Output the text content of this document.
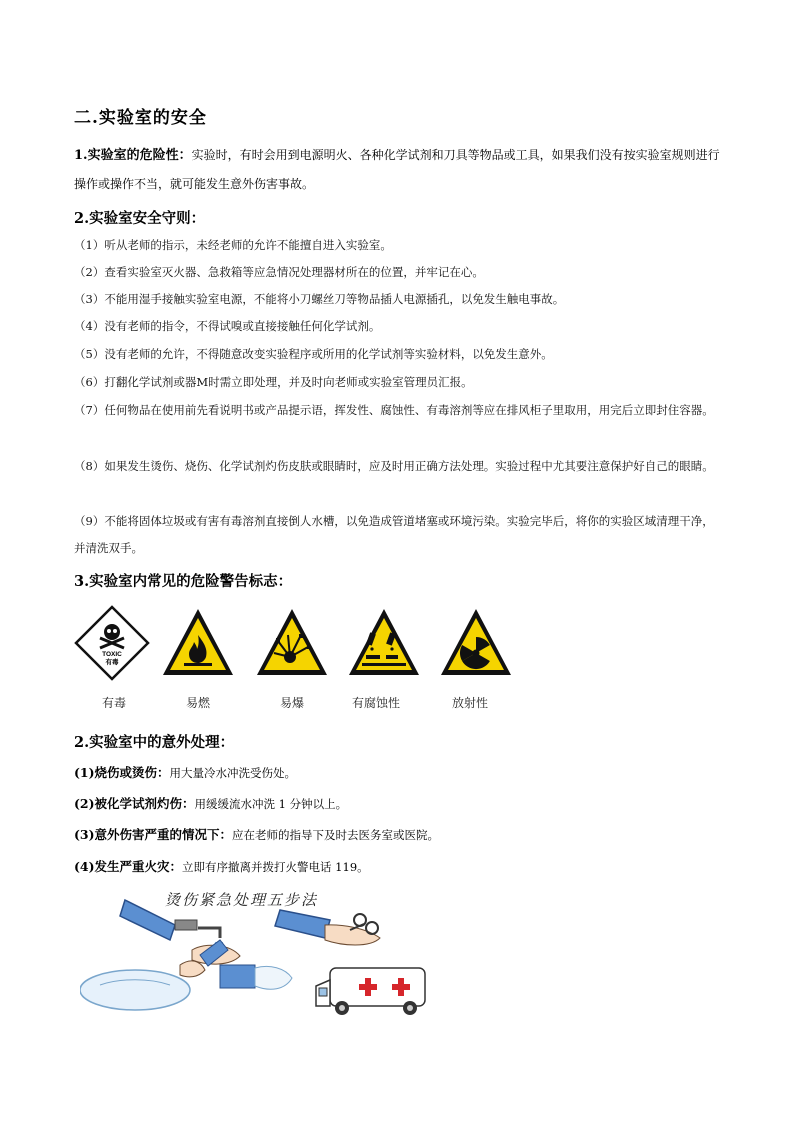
二.实验室的安全
1.实验室的危险性：实验时，有时会用到电源明火、各种化学试剂和刀具等物品或工具，如果我们没有按实验室规则进行操作或操作不当，就可能发生意外伤害事故。
2.实验室安全守则：
（1）听从老师的指示，未经老师的允许不能擅自进入实验室。
（2）查看实验室灭火器、急救箱等应急情况处理器材所在的位置，并牢记在心。
（3）不能用湿手接触实验室电源，不能将小刀螺丝刀等物品插人电源插孔，以免发生触电事故。
（4）没有老师的指令，不得试嗅或直接接触任何化学试剂。
（5）没有老师的允许，不得随意改变实验程序或所用的化学试剂等实验材料，以免发生意外。
（6）打翻化学试剂或器M时需立即处理，并及时向老师或实验室管理员汇报。
（7）任何物品在使用前先看说明书或产品提示语，挥发性、腐蚀性、有毒溶剂等应在排风柜子里取用，用完后立即封住容器。
（8）如果发生烫伤、烧伤、化学试剂灼伤皮肤或眼睛时，应及时用正确方法处理。实验过程中尤其要注意保护好自己的眼睛。
（9）不能将固体垃圾或有害有毒溶剂直接倒人水槽，以免造成管道堵塞或环境污染。实验完毕后，将你的实验区域清理干净，并清洗双手。
3.实验室内常见的危险警告标志：
TOXIC
有毒
有毒	易燃	易爆	有腐蚀性	放射性
2.实验室中的意外处理：
(1)烧伤或烫伤：用大量冷水冲洗受伤处。
(2)被化学试剂灼伤：用缓缓流水冲洗 1 分钟以上。
(3)意外伤害严重的情况下：应在老师的指导下及时去医务室或医院。
(4)发生严重火灾：立即有序撤离并拨打火警电话 119。
烫伤紧急处理五步法
